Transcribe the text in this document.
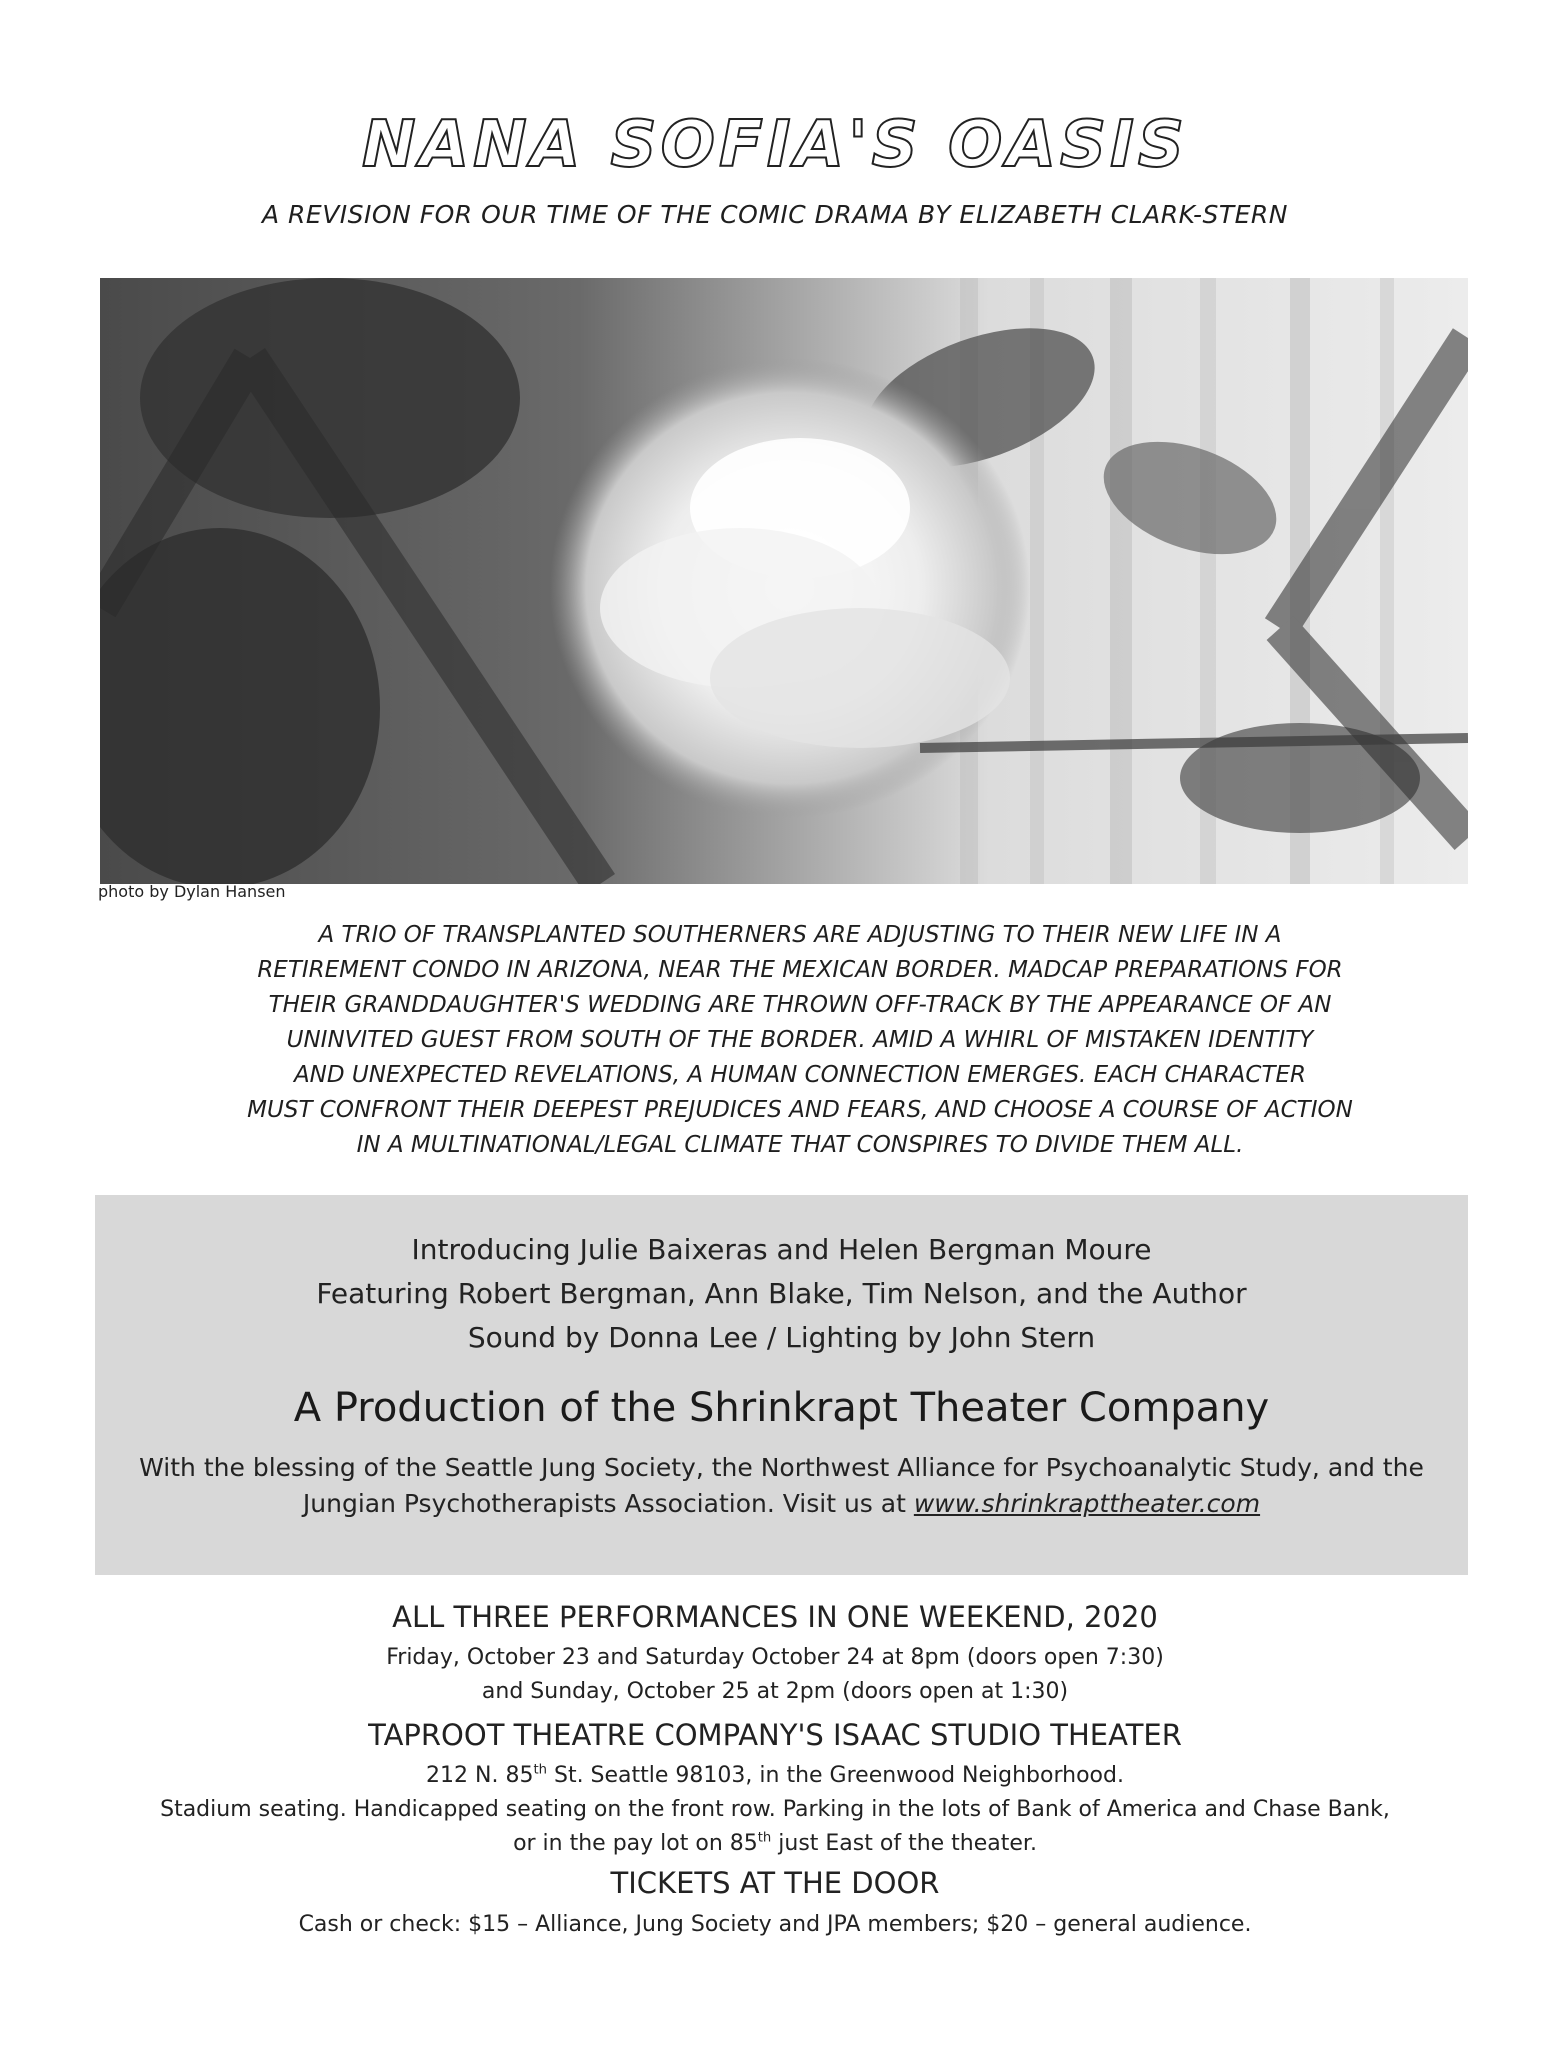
NANA SOFIA'S OASIS
A REVISION FOR OUR TIME OF THE COMIC DRAMA BY ELIZABETH CLARK-STERN
photo by Dylan Hansen
A TRIO OF TRANSPLANTED SOUTHERNERS ARE ADJUSTING TO THEIR NEW LIFE IN A
RETIREMENT CONDO IN ARIZONA, NEAR THE MEXICAN BORDER. MADCAP PREPARATIONS FOR
THEIR GRANDDAUGHTER'S WEDDING ARE THROWN OFF-TRACK BY THE APPEARANCE OF AN
UNINVITED GUEST FROM SOUTH OF THE BORDER. AMID A WHIRL OF MISTAKEN IDENTITY
AND UNEXPECTED REVELATIONS, A HUMAN CONNECTION EMERGES. EACH CHARACTER
MUST CONFRONT THEIR DEEPEST PREJUDICES AND FEARS, AND CHOOSE A COURSE OF ACTION
IN A MULTINATIONAL/LEGAL CLIMATE THAT CONSPIRES TO DIVIDE THEM ALL.
Introducing Julie Baixeras and Helen Bergman Moure
Featuring Robert Bergman, Ann Blake, Tim Nelson, and the Author
Sound by Donna Lee / Lighting by John Stern
A Production of the Shrinkrapt Theater Company
With the blessing of the Seattle Jung Society, the Northwest Alliance for Psychoanalytic Study, and the
Jungian Psychotherapists Association. Visit us at www.shrinkrapttheater.com
ALL THREE PERFORMANCES IN ONE WEEKEND, 2020
Friday, October 23 and Saturday October 24 at 8pm (doors open 7:30)
and Sunday, October 25 at 2pm (doors open at 1:30)
TAPROOT THEATRE COMPANY'S ISAAC STUDIO THEATER
212 N. 85th St. Seattle 98103, in the Greenwood Neighborhood.
Stadium seating. Handicapped seating on the front row. Parking in the lots of Bank of America and Chase Bank,
or in the pay lot on 85th just East of the theater.
TICKETS AT THE DOOR
Cash or check: $15 – Alliance, Jung Society and JPA members; $20 – general audience.
